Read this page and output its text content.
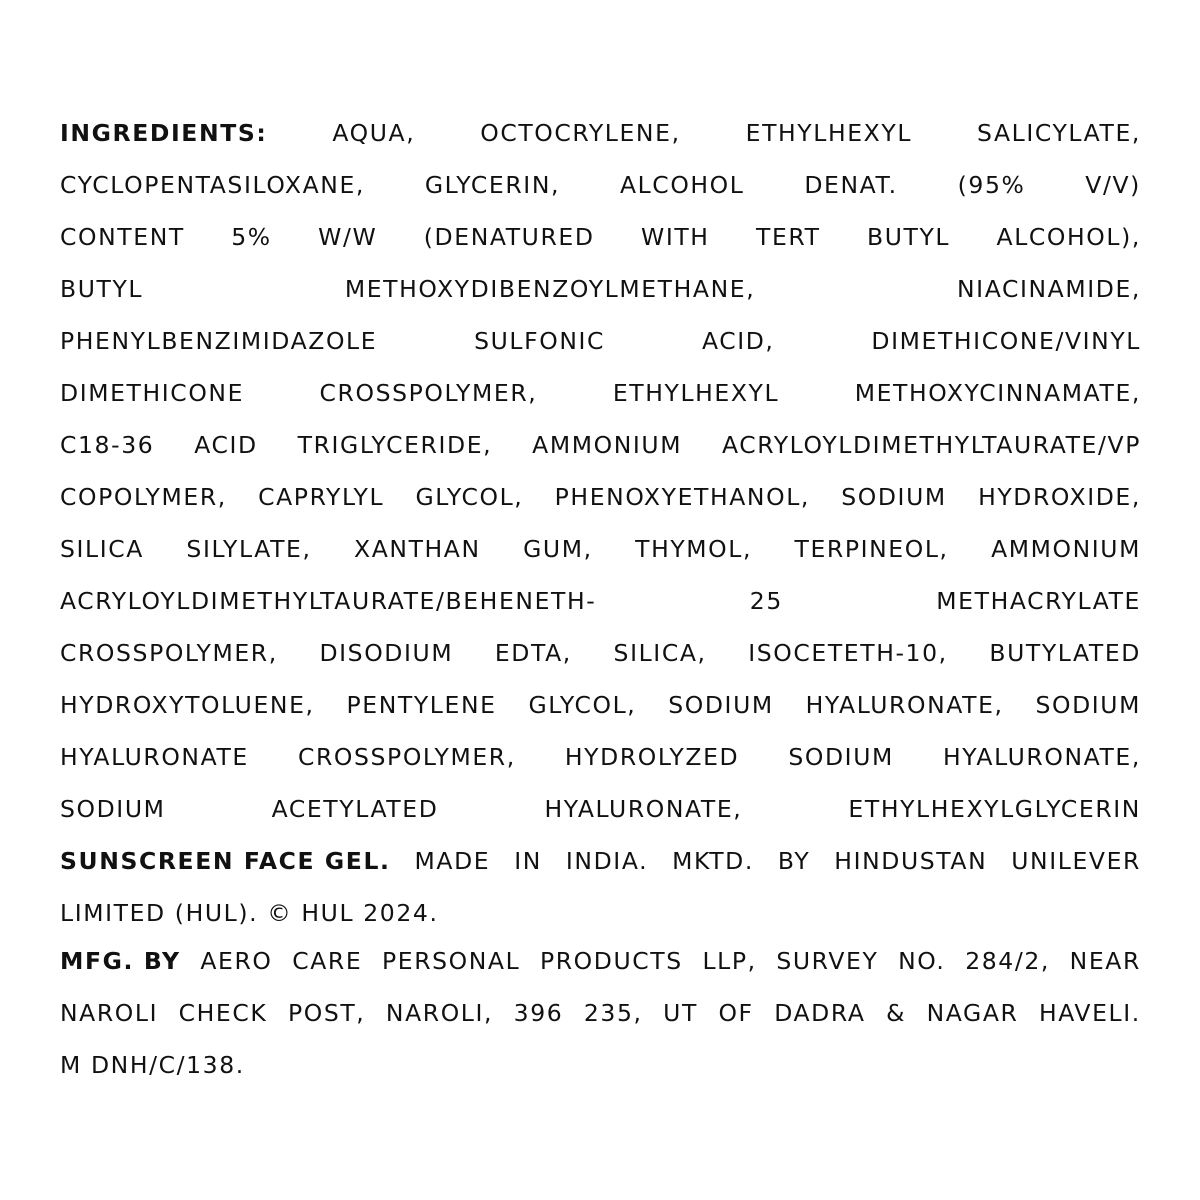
INGREDIENTS:	AQUA,	OCTOCRYLENE,	ETHYLHEXYL	SALICYLATE,
CYCLOPENTASILOXANE,	GLYCERIN,	ALCOHOL	DENAT.	(95%	V/V)
CONTENT 5% W/W (DENATURED WITH TERT BUTYL ALCOHOL),
BUTYL	METHOXYDIBENZOYLMETHANE,	NIACINAMIDE,
PHENYLBENZIMIDAZOLE	SULFONIC	ACID,	DIMETHICONE/VINYL
DIMETHICONE	CROSSPOLYMER,	ETHYLHEXYL	METHOXYCINNAMATE,
C18-36 ACID TRIGLYCERIDE, AMMONIUM ACRYLOYLDIMETHYLTAURATE/VP
COPOLYMER, CAPRYLYL GLYCOL, PHENOXYETHANOL, SODIUM HYDROXIDE,
SILICA SILYLATE, XANTHAN GUM, THYMOL, TERPINEOL, AMMONIUM
ACRYLOYLDIMETHYLTAURATE/BEHENETH-	25	METHACRYLATE
CROSSPOLYMER, DISODIUM EDTA, SILICA, ISOCETETH-10, BUTYLATED
HYDROXYTOLUENE, PENTYLENE GLYCOL, SODIUM HYALURONATE, SODIUM
HYALURONATE CROSSPOLYMER, HYDROLYZED SODIUM HYALURONATE,
SODIUM	ACETYLATED	HYALURONATE,	ETHYLHEXYLGLYCERIN
SUNSCREEN FACE GEL. MADE IN INDIA. MKTD. BY HINDUSTAN UNILEVER
LIMITED (HUL). © HUL 2024.
MFG. BY AERO CARE PERSONAL PRODUCTS LLP, SURVEY NO. 284/2, NEAR
NAROLI CHECK POST, NAROLI, 396 235, UT OF DADRA & NAGAR HAVELI.
M DNH/C/138.
